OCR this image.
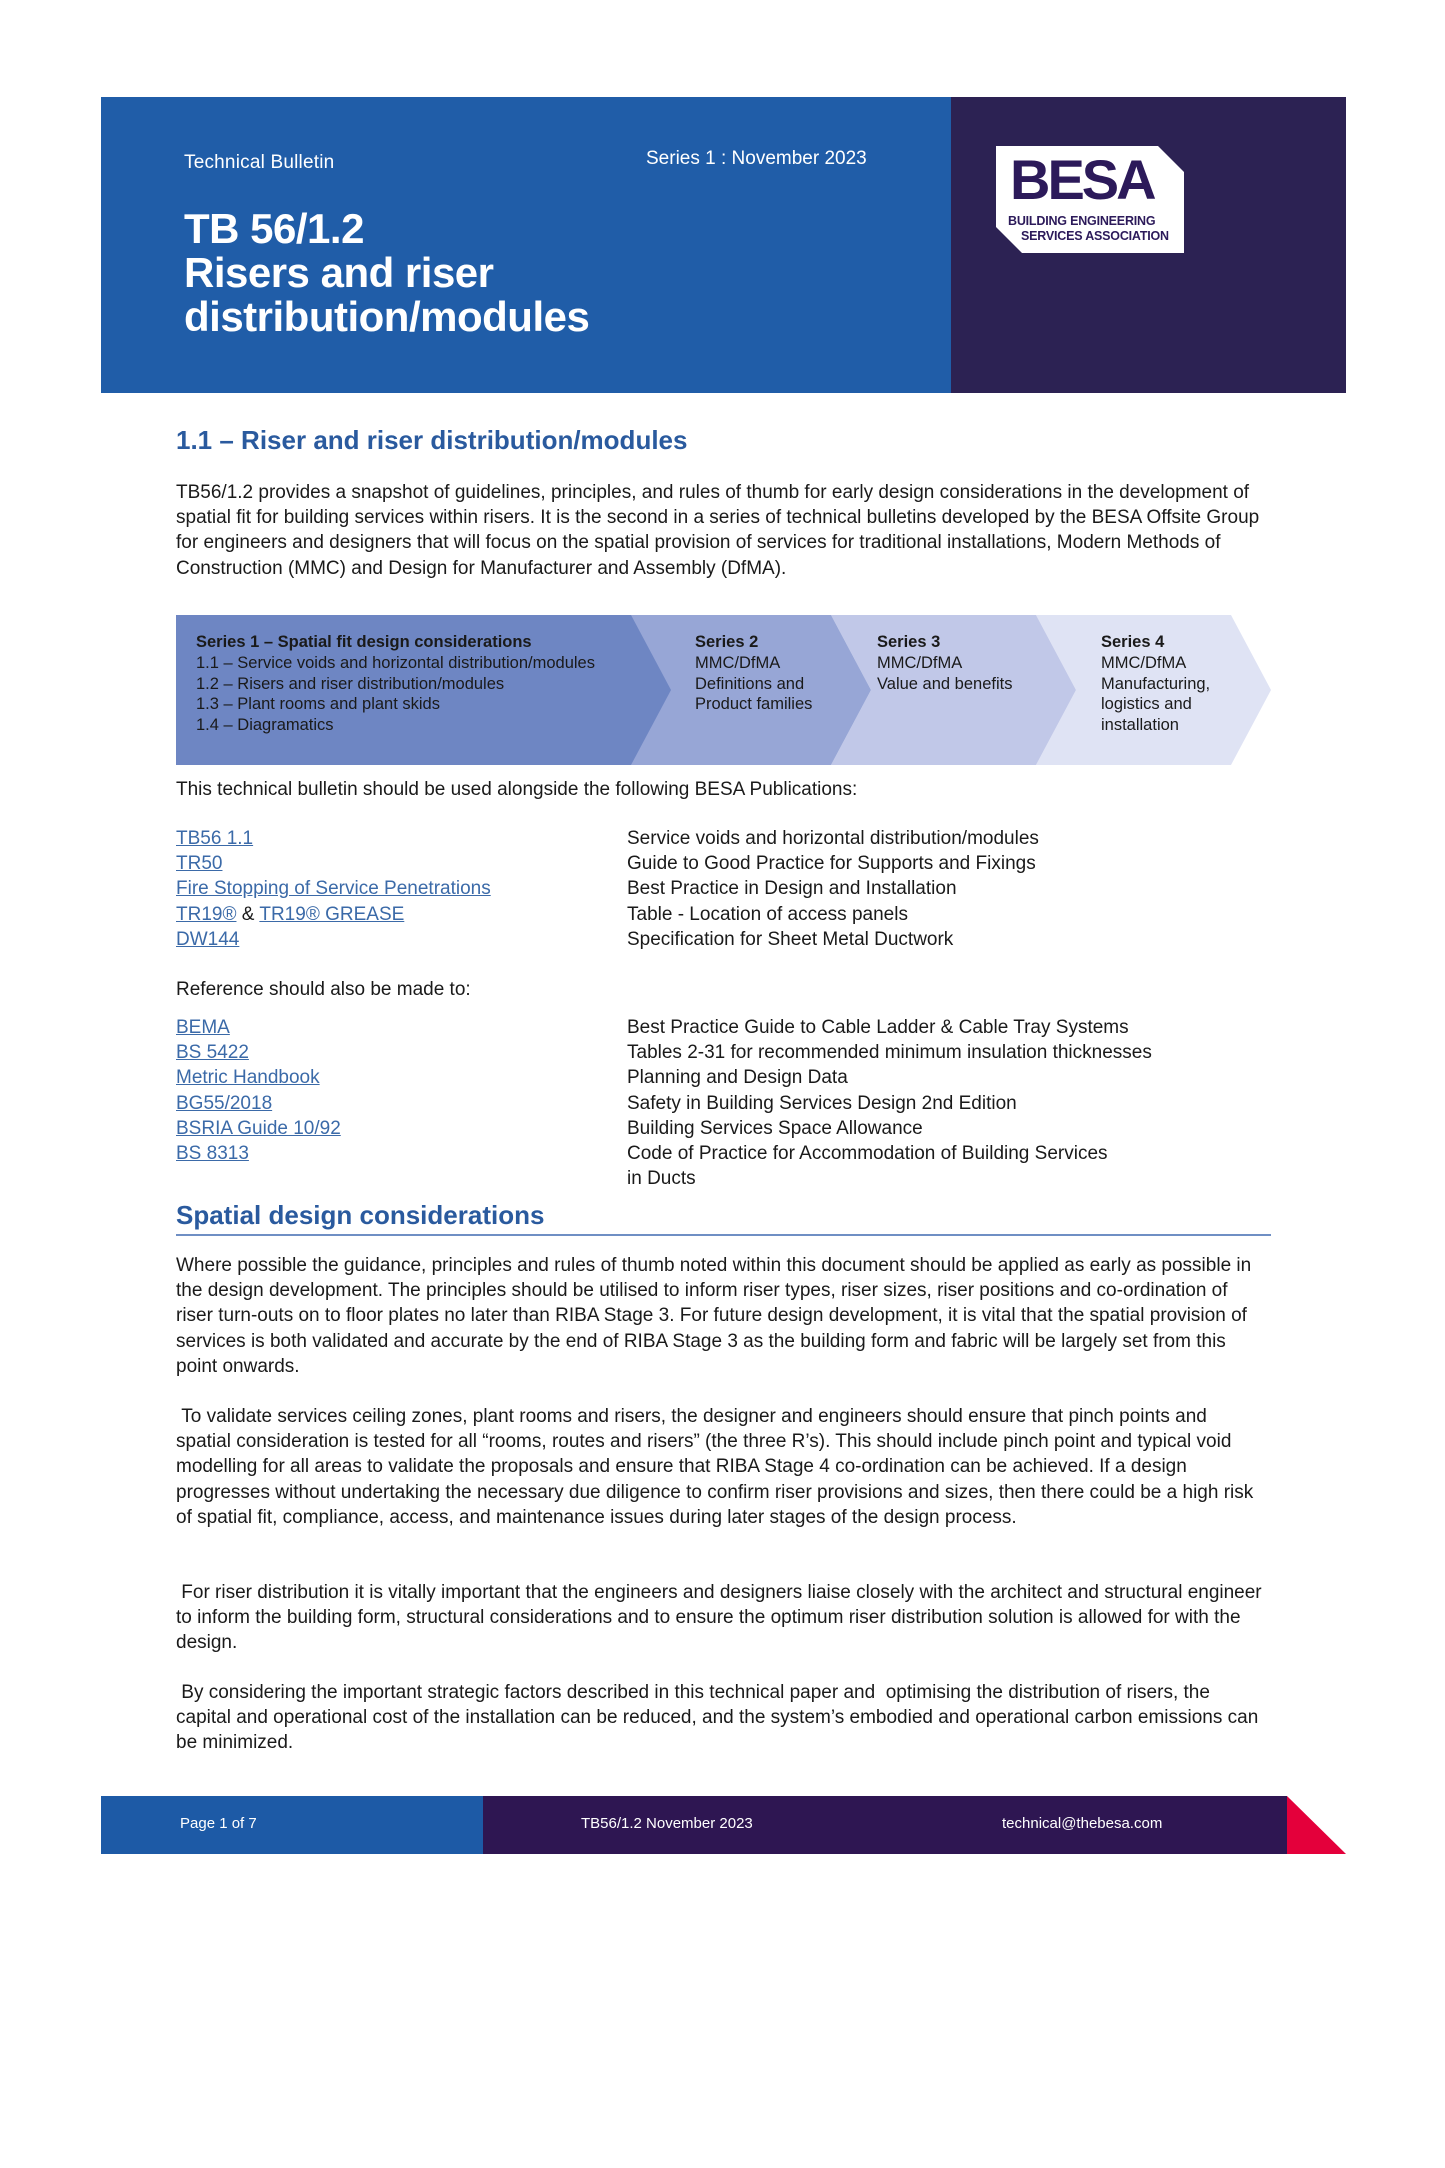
Technical Bulletin	Series 1 : November 2023
TB 56/1.2
Risers and riser
distribution/modules
BESA
BUILDING ENGINEERING
SERVICES ASSOCIATION
1.1 – Riser and riser distribution/modules
TB56/1.2 provides a snapshot of guidelines, principles, and rules of thumb for early design considerations in the development of spatial fit for building services within risers. It is the second in a series of technical bulletins developed by the BESA Offsite Group for engineers and designers that will focus on the spatial provision of services for traditional installations, Modern Methods of Construction (MMC) and Design for Manufacturer and Assembly (DfMA).
Series 1 – Spatial fit design considerations
1.1 – Service voids and horizontal distribution/modules
1.2 – Risers and riser distribution/modules
1.3 – Plant rooms and plant skids
1.4 – Diagramatics
Series 2
MMC/DfMA
Definitions and
Product families
Series 3
MMC/DfMA
Value and benefits
Series 4
MMC/DfMA
Manufacturing,
logistics and
installation
This technical bulletin should be used alongside the following BESA Publications:
TB56 1.1	Service voids and horizontal distribution/modules
TR50	Guide to Good Practice for Supports and Fixings
Fire Stopping of Service Penetrations	Best Practice in Design and Installation
TR19® & TR19® GREASE	Table - Location of access panels
DW144	Specification for Sheet Metal Ductwork
Reference should also be made to:
BEMA	Best Practice Guide to Cable Ladder & Cable Tray Systems
BS 5422	Tables 2-31 for recommended minimum insulation thicknesses
Metric Handbook	Planning and Design Data
BG55/2018	Safety in Building Services Design 2nd Edition
BSRIA Guide 10/92	Building Services Space Allowance
BS 8313	Code of Practice for Accommodation of Building Services
in Ducts
Spatial design considerations
Where possible the guidance, principles and rules of thumb noted within this document should be applied as early as possible in the design development. The principles should be utilised to inform riser types, riser sizes, riser positions and co-ordination of riser turn-outs on to floor plates no later than RIBA Stage 3. For future design development, it is vital that the spatial provision of services is both validated and accurate by the end of RIBA Stage 3 as the building form and fabric will be largely set from this point onwards.
To validate services ceiling zones, plant rooms and risers, the designer and engineers should ensure that pinch points and spatial consideration is tested for all “rooms, routes and risers” (the three R’s). This should include pinch point and typical void modelling for all areas to validate the proposals and ensure that RIBA Stage 4 co-ordination can be achieved. If a design progresses without undertaking the necessary due diligence to confirm riser provisions and sizes, then there could be a high risk of spatial fit, compliance, access, and maintenance issues during later stages of the design process.
For riser distribution it is vitally important that the engineers and designers liaise closely with the architect and structural engineer to inform the building form, structural considerations and to ensure the optimum riser distribution solution is allowed for with the design.
By considering the important strategic factors described in this technical paper and  optimising the distribution of risers, the capital and operational cost of the installation can be reduced, and the system’s embodied and operational carbon emissions can be minimized.
Page 1 of 7	TB56/1.2 November 2023	technical@thebesa.com
